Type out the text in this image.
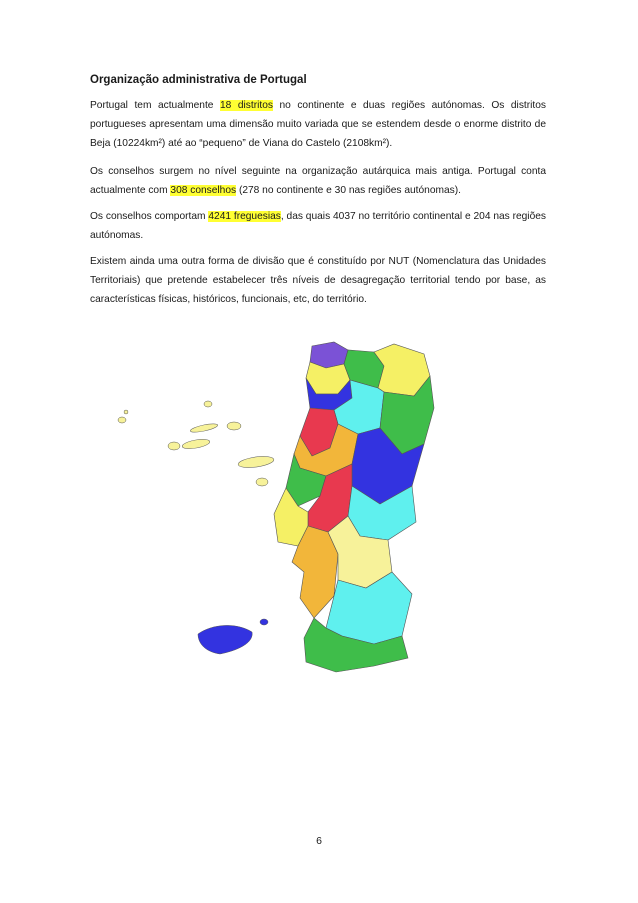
Organização administrativa de Portugal

Portugal tem actualmente 18 distritos no continente e duas regiões autónomas. Os distritos portugueses apresentam uma dimensão muito variada que se estendem desde o enorme distrito de Beja (10224km²) até ao “pequeno” de Viana do Castelo (2108km²).

Os conselhos surgem no nível seguinte na organização autárquica mais antiga. Portugal conta actualmente com 308 conselhos (278 no continente e 30 nas regiões autónomas).

Os conselhos comportam 4241 freguesias, das quais 4037 no território continental e 204 nas regiões autónomas.

Existem ainda uma outra forma de divisão que é constituído por NUT (Nomenclatura das Unidades Territoriais) que pretende estabelecer três níveis de desagregação territorial tendo por base, as características físicas, históricos, funcionais, etc, do território.

6
